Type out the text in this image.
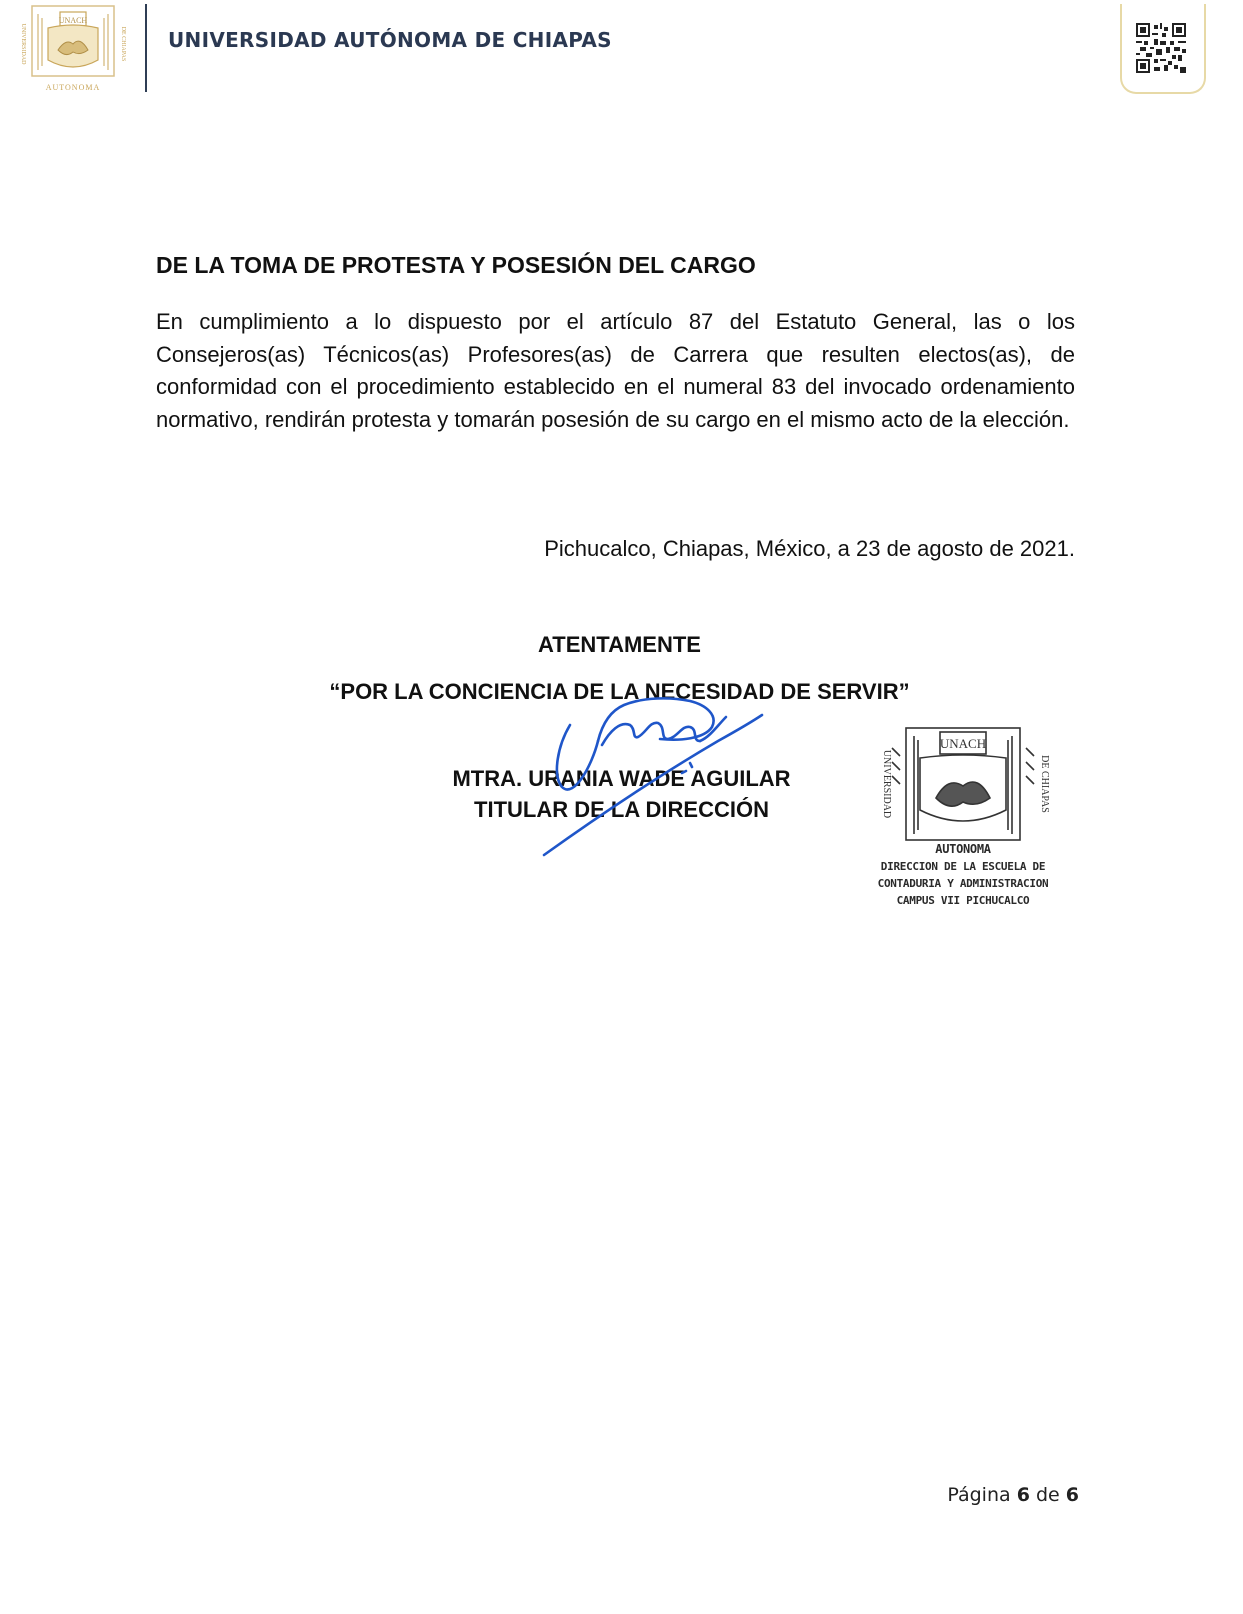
UNACH
UNIVERSIDAD	DE CHIAPAS
AUTONOMA
UNIVERSIDAD AUTÓNOMA DE CHIAPAS
DE LA TOMA DE PROTESTA Y POSESIÓN DEL CARGO
En cumplimiento a lo dispuesto por el artículo 87 del Estatuto General, las o los Consejeros(as) Técnicos(as) Profesores(as) de Carrera que resulten electos(as), de conformidad con el procedimiento establecido en el numeral 83 del invocado ordenamiento normativo, rendirán protesta y tomarán posesión de su cargo en el mismo acto de la elección.
Pichucalco, Chiapas, México, a 23 de agosto de 2021.
ATENTAMENTE
“POR LA CONCIENCIA DE LA NECESIDAD DE SERVIR”
MTRA. URANIA WADE AGUILAR
TITULAR DE LA DIRECCIÓN
UNACH
UNIVERSIDAD	DE CHIAPAS
AUTONOMA
DIRECCION DE LA ESCUELA DE
CONTADURIA Y ADMINISTRACION
CAMPUS VII PICHUCALCO
Página 6 de 6
